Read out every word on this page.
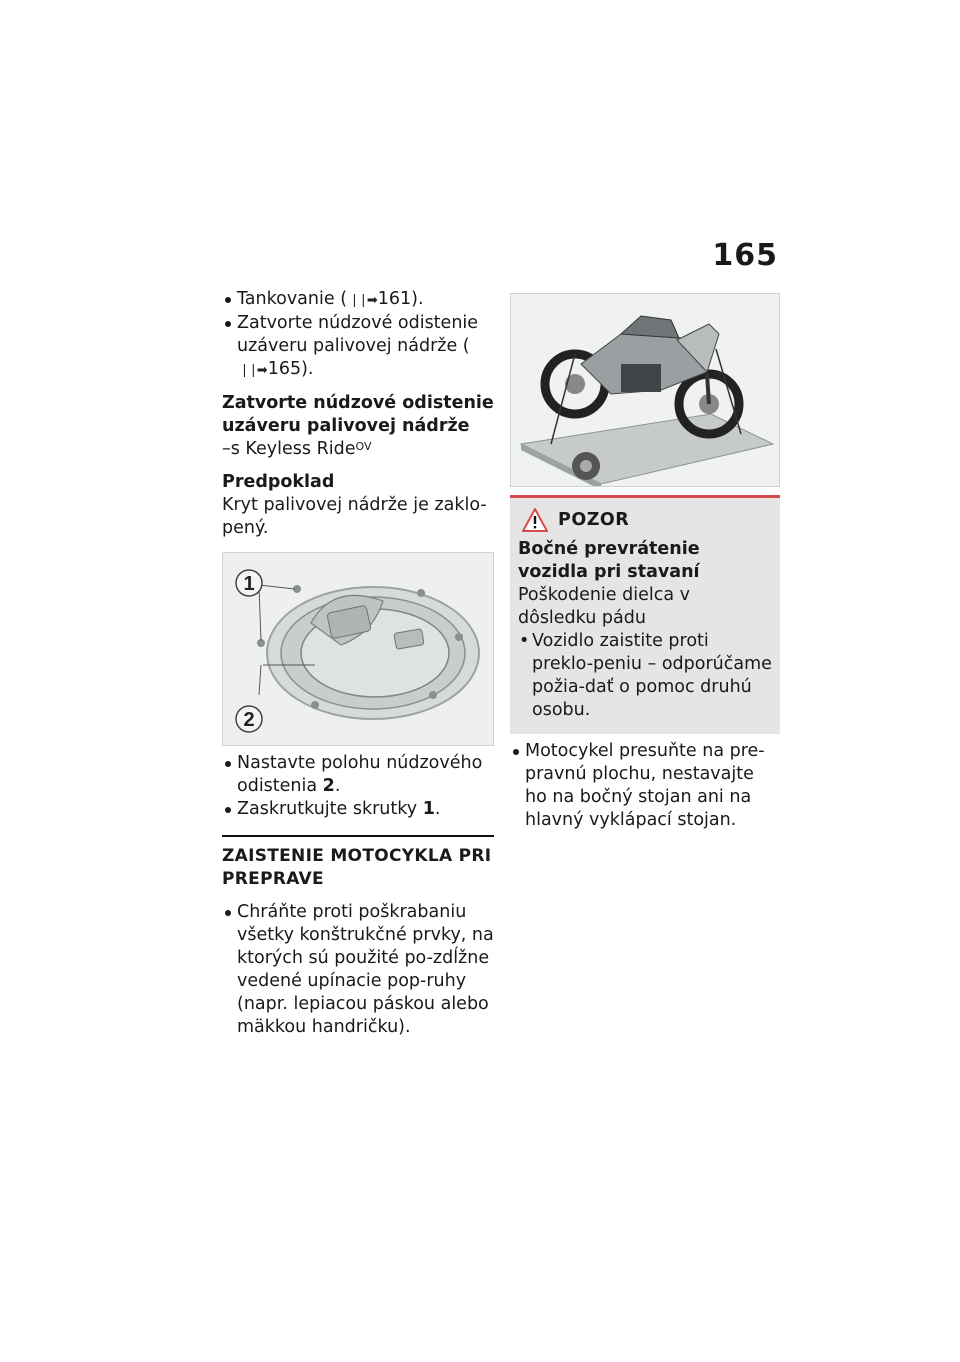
165
Tankovanie ( ❘❘➡ 161).
Zatvorte núdzové odistenie uzáveru palivovej nádrže (❘❘➡ 165).
Zatvorte núdzové odistenie uzáveru palivovej nádrže
–s Keyless Ride$^{OV}$
Predpoklad
Kryt palivovej nádrže je zaklo-pený.
1
2
Nastavte polohu núdzového odistenia 2.
Zaskrutkujte skrutky 1.
ZAISTENIE MOTOCYKLA PRI PREPRAVE
Chráňte proti poškrabaniu všetky konštrukčné prvky, na ktorých sú použité po-zdĺžne vedené upínacie pop-ruhy (napr. lepiacou páskou alebo mäkkou handričku).
POZOR
Bočné prevrátenie vozidla pri stavaní
Poškodenie dielca v dôsledku pádu
• Vozidlo zaistite proti preklo-peniu – odporúčame požia-dať o pomoc druhú osobu.
Motocykel presuňte na pre-pravnú plochu, nestavajte ho na bočný stojan ani na hlavný vyklápací stojan.
